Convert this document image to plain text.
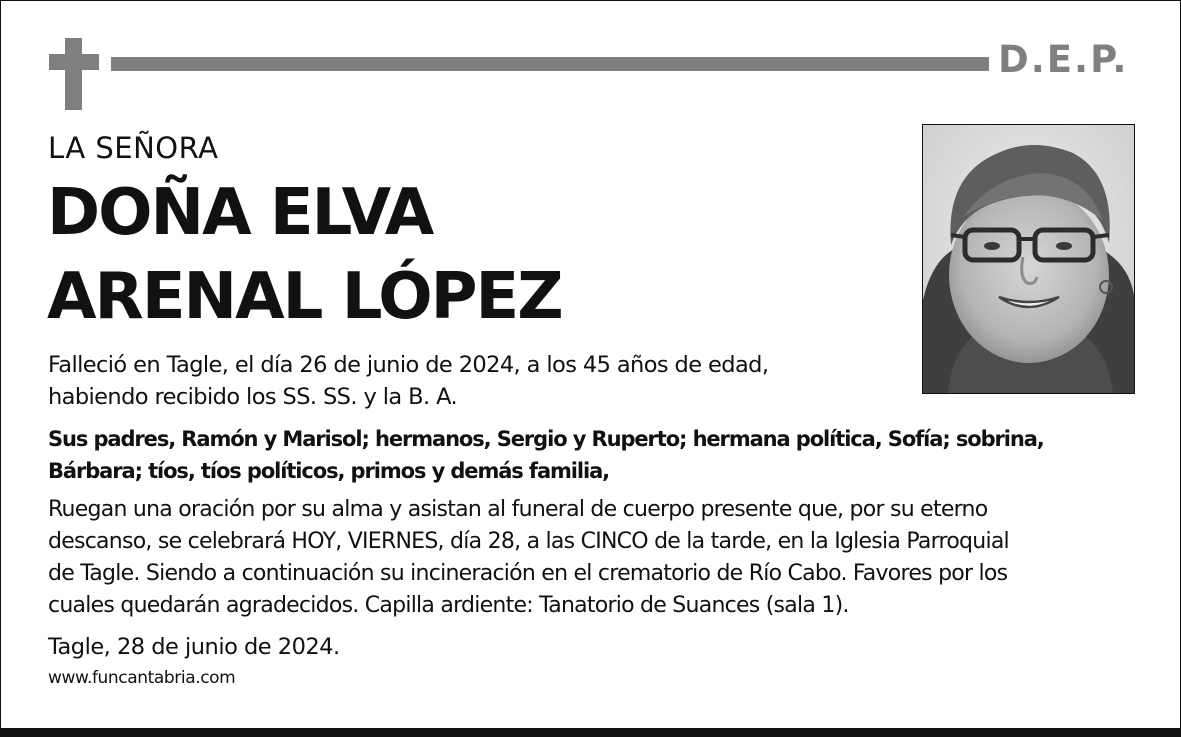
D.E.P.
LA SEÑORA
DOÑA ELVA
ARENAL LÓPEZ
Falleció en Tagle, el día 26 de junio de 2024, a los 45 años de edad,
habiendo recibido los SS. SS. y la B. A.
Sus padres, Ramón y Marisol; hermanos, Sergio y Ruperto; hermana política, Sofía; sobrina,
Bárbara; tíos, tíos políticos, primos y demás familia,
Ruegan una oración por su alma y asistan al funeral de cuerpo presente que, por su eterno
descanso, se celebrará HOY, VIERNES, día 28, a las CINCO de la tarde, en la Iglesia Parroquial
de Tagle. Siendo a continuación su incineración en el crematorio de Río Cabo. Favores por los
cuales quedarán agradecidos. Capilla ardiente: Tanatorio de Suances (sala 1).
Tagle, 28 de junio de 2024.
www.funcantabria.com
